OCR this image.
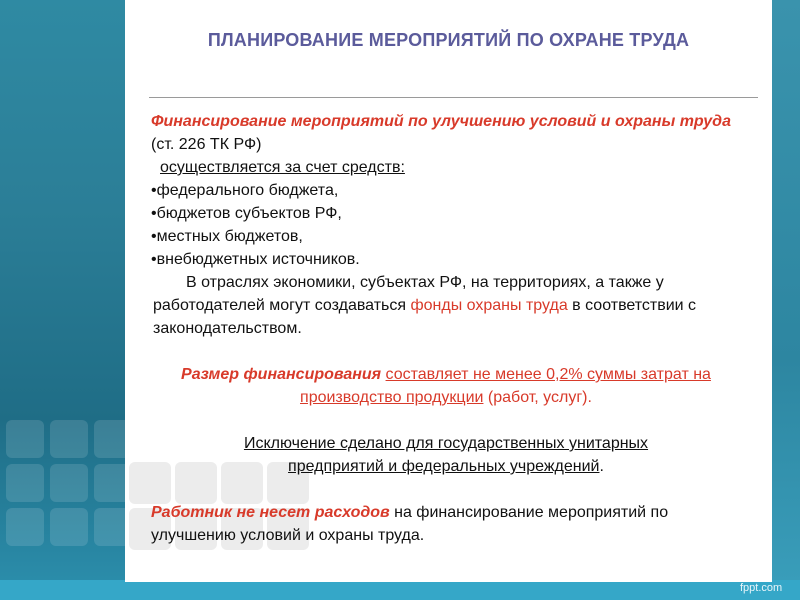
ПЛАНИРОВАНИЕ МЕРОПРИЯТИЙ ПО ОХРАНЕ ТРУДА

Финансирование мероприятий по улучшению условий и охраны труда (ст. 226 ТК РФ)

осуществляется за счет средств:

•федерального бюджета,

•бюджетов субъектов РФ,

•местных бюджетов,

•внебюджетных источников.

В отраслях экономики, субъектах РФ, на территориях, а также у работодателей могут создаваться фонды охраны труда в соответствии с законодательством.

Размер финансирования составляет не менее 0,2% суммы затрат на производство продукции (работ, услуг).

Исключение сделано для государственных унитарных предприятий и федеральных учреждений.

Работник не несет расходов на финансирование мероприятий по улучшению условий и охраны труда.

fppt.com
